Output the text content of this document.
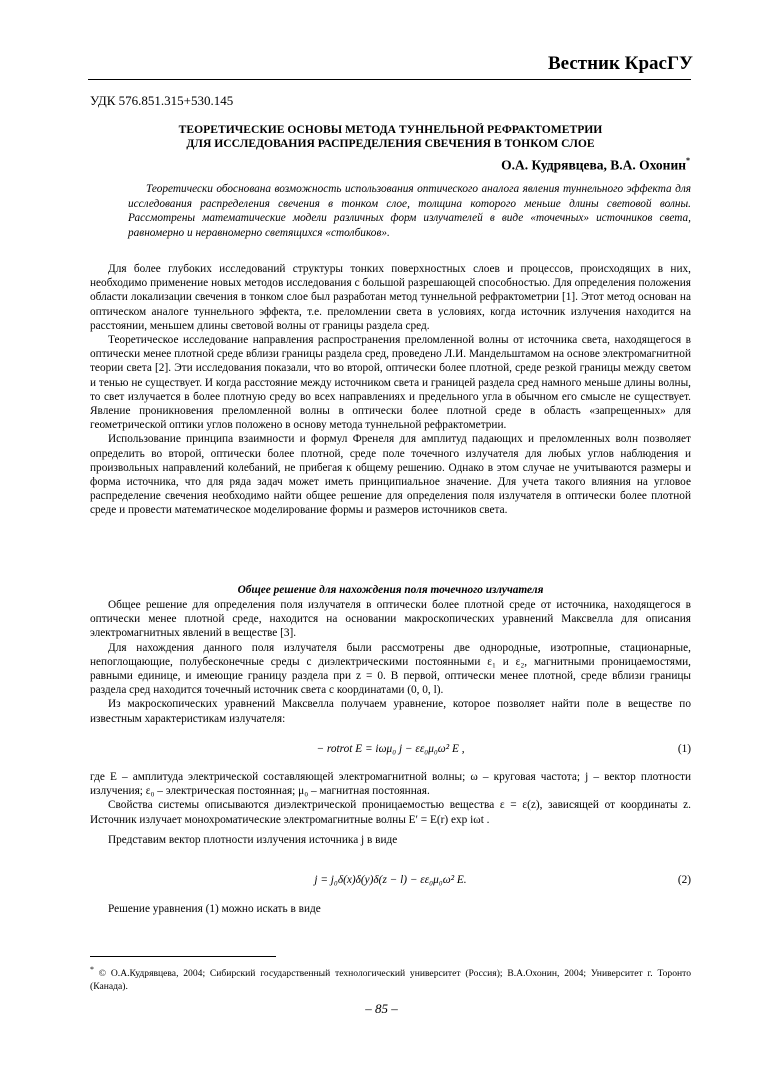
Вестник КрасГУ
УДК 576.851.315+530.145
ТЕОРЕТИЧЕСКИЕ ОСНОВЫ МЕТОДА ТУННЕЛЬНОЙ РЕФРАКТОМЕТРИИ
ДЛЯ ИССЛЕДОВАНИЯ РАСПРЕДЕЛЕНИЯ СВЕЧЕНИЯ В ТОНКОМ СЛОЕ
О.А. Кудрявцева, В.А. Охонин*
Теоретически обоснована возможность использования оптического аналога явления туннельного эффекта для исследования распределения свечения в тонком слое, толщина которого меньше длины световой волны. Рассмотрены математические модели различных форм излучателей в виде «точечных» источников света, равномерно и неравномерно светящихся «столбиков».

Для более глубоких исследований структуры тонких поверхностных слоев и процессов, происходящих в них, необходимо применение новых методов исследования с большой разрешающей способностью. Для определения положения области локализации свечения в тонком слое был разработан метод туннельной рефрактометрии [1]. Этот метод основан на оптическом аналоге туннельного эффекта, т.е. преломлении света в условиях, когда источник излучения находится на расстоянии, меньшем длины световой волны от границы раздела сред.

Теоретическое исследование направления распространения преломленной волны от источника света, находящегося в оптически менее плотной среде вблизи границы раздела сред, проведено Л.И. Мандельштамом на основе электромагнитной теории света [2]. Эти исследования показали, что во второй, оптически более плотной, среде резкой границы между светом и тенью не существует. И когда расстояние между источником света и границей раздела сред намного меньше длины волны, то свет излучается в более плотную среду во всех направлениях и предельного угла в обычном его смысле не существует. Явление проникновения преломленной волны в оптически более плотной среде в область «запрещенных» для геометрической оптики углов положено в основу метода туннельной рефрактометрии.

Использование принципа взаимности и формул Френеля для амплитуд падающих и преломленных волн позволяет определить во второй, оптически более плотной, среде поле точечного излучателя для любых углов наблюдения и произвольных направлений колебаний, не прибегая к общему решению. Однако в этом случае не учитываются размеры и форма источника, что для ряда задач может иметь принципиальное значение. Для учета такого влияния на угловое распределение свечения необходимо найти общее решение для определения поля излучателя в оптически более плотной среде и провести математическое моделирование формы и размеров источников света.

Общее решение для нахождения поля точечного излучателя

Общее решение для определения поля излучателя в оптически более плотной среде от источника, находящегося в оптически менее плотной среде, находится на основании макроскопических уравнений Максвелла для описания электромагнитных явлений в веществе [3].

Для нахождения данного поля излучателя были рассмотрены две однородные, изотропные, стационарные, непоглощающие, полубесконечные среды с диэлектрическими постоянными ε₁ и ε₂, магнитными проницаемостями, равными единице, и имеющие границу раздела при z = 0. В первой, оптически менее плотной, среде вблизи границы раздела сред находится точечный источник света с координатами (0, 0, l).

Из макроскопических уравнений Максвелла получаем уравнение, которое позволяет найти поле в веществе по известным характеристикам излучателя:

− rotrot E = iωμ₀ j − εε₀μ₀ω² E ,	(1)

где E – амплитуда электрической составляющей электромагнитной волны; ω – круговая частота; j – вектор плотности излучения; ε₀ – электрическая постоянная; μ₀ – магнитная постоянная.

Свойства системы описываются диэлектрической проницаемостью вещества ε = ε(z), зависящей от координаты z. Источник излучает монохроматические электромагнитные волны E′ = E(r) exp iωt .

Представим вектор плотности излучения источника j в виде

j = j₀δ(x)δ(y)δ(z − l) − εε₀μ₀ω² E.	(2)
Решение уравнения (1) можно искать в виде
* © О.А.Кудрявцева, 2004; Сибирский государственный технологический университет (Россия); В.А.Охонин, 2004; Университет г. Торонто (Канада).
– 85 –
